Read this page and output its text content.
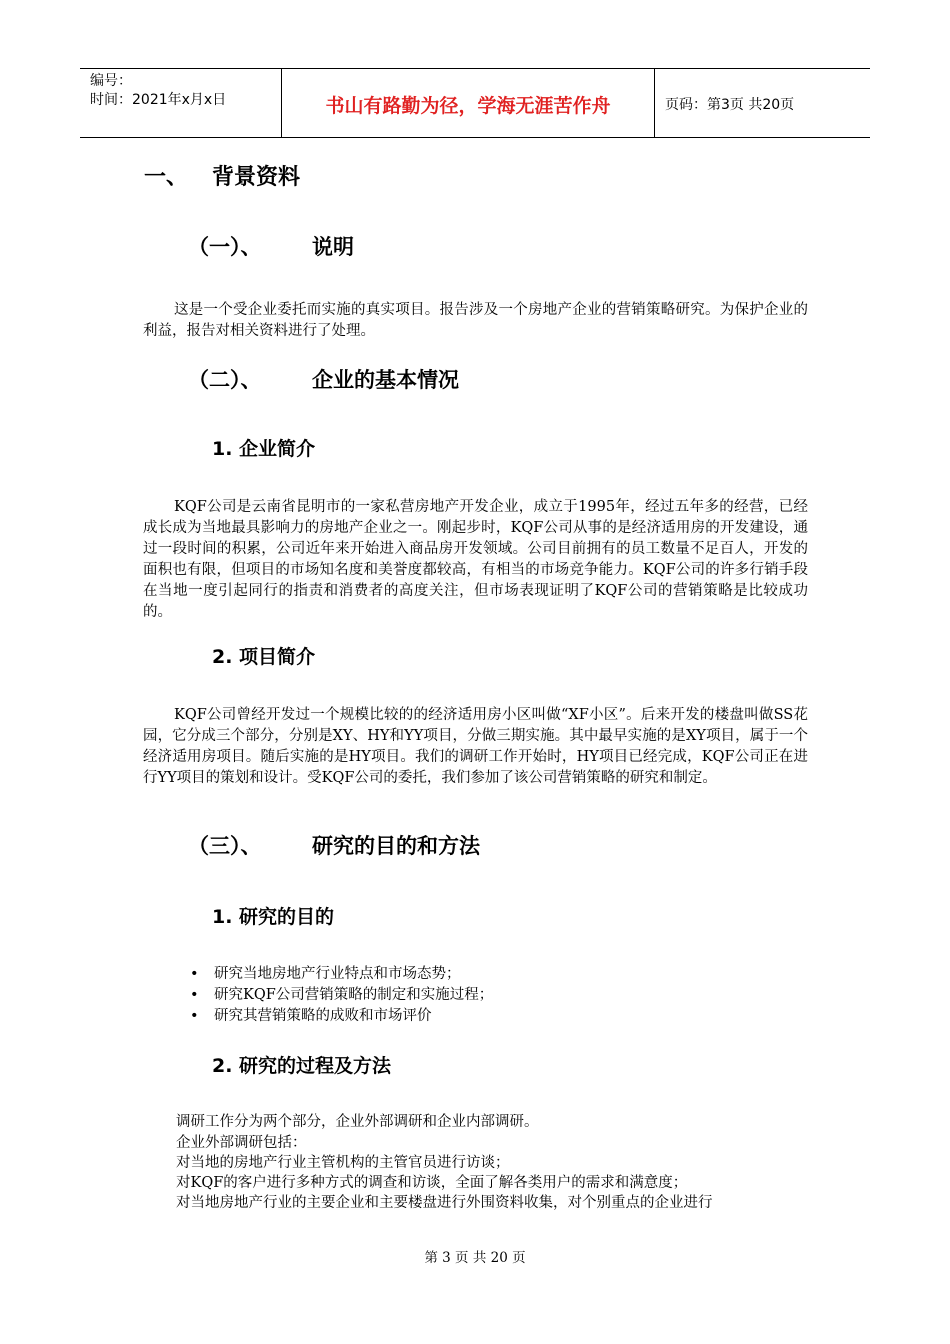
编号：
时间：2021年x月x日	书山有路勤为径，学海无涯苦作舟	页码：第3页 共20页
一、 背景资料
（一）、 说明
这是一个受企业委托而实施的真实项目。报告涉及一个房地产企业的营销策略研究。为保护企业的利益，报告对相关资料进行了处理。
（二）、 企业的基本情况
1. 企业简介
KQF公司是云南省昆明市的一家私营房地产开发企业，成立于1995年，经过五年多的经营，已经成长成为当地最具影响力的房地产企业之一。刚起步时，KQF公司从事的是经济适用房的开发建设，通过一段时间的积累，公司近年来开始进入商品房开发领域。公司目前拥有的员工数量不足百人，开发的面积也有限，但项目的市场知名度和美誉度都较高，有相当的市场竞争能力。KQF公司的许多行销手段在当地一度引起同行的指责和消费者的高度关注，但市场表现证明了KQF公司的营销策略是比较成功的。
2. 项目简介
KQF公司曾经开发过一个规模比较的的经济适用房小区叫做“XF小区”。后来开发的楼盘叫做SS花园，它分成三个部分，分别是XY、HY和YY项目，分做三期实施。其中最早实施的是XY项目，属于一个经济适用房项目。随后实施的是HY项目。我们的调研工作开始时，HY项目已经完成，KQF公司正在进行YY项目的策划和设计。受KQF公司的委托，我们参加了该公司营销策略的研究和制定。
（三）、 研究的目的和方法
1. 研究的目的
• 研究当地房地产行业特点和市场态势；
• 研究KQF公司营销策略的制定和实施过程；
• 研究其营销策略的成败和市场评价
2. 研究的过程及方法
调研工作分为两个部分，企业外部调研和企业内部调研。
企业外部调研包括：
对当地的房地产行业主管机构的主管官员进行访谈；
对KQF的客户进行多种方式的调查和访谈，全面了解各类用户的需求和满意度；
对当地房地产行业的主要企业和主要楼盘进行外围资料收集，对个别重点的企业进行
第 3 页 共 20 页
